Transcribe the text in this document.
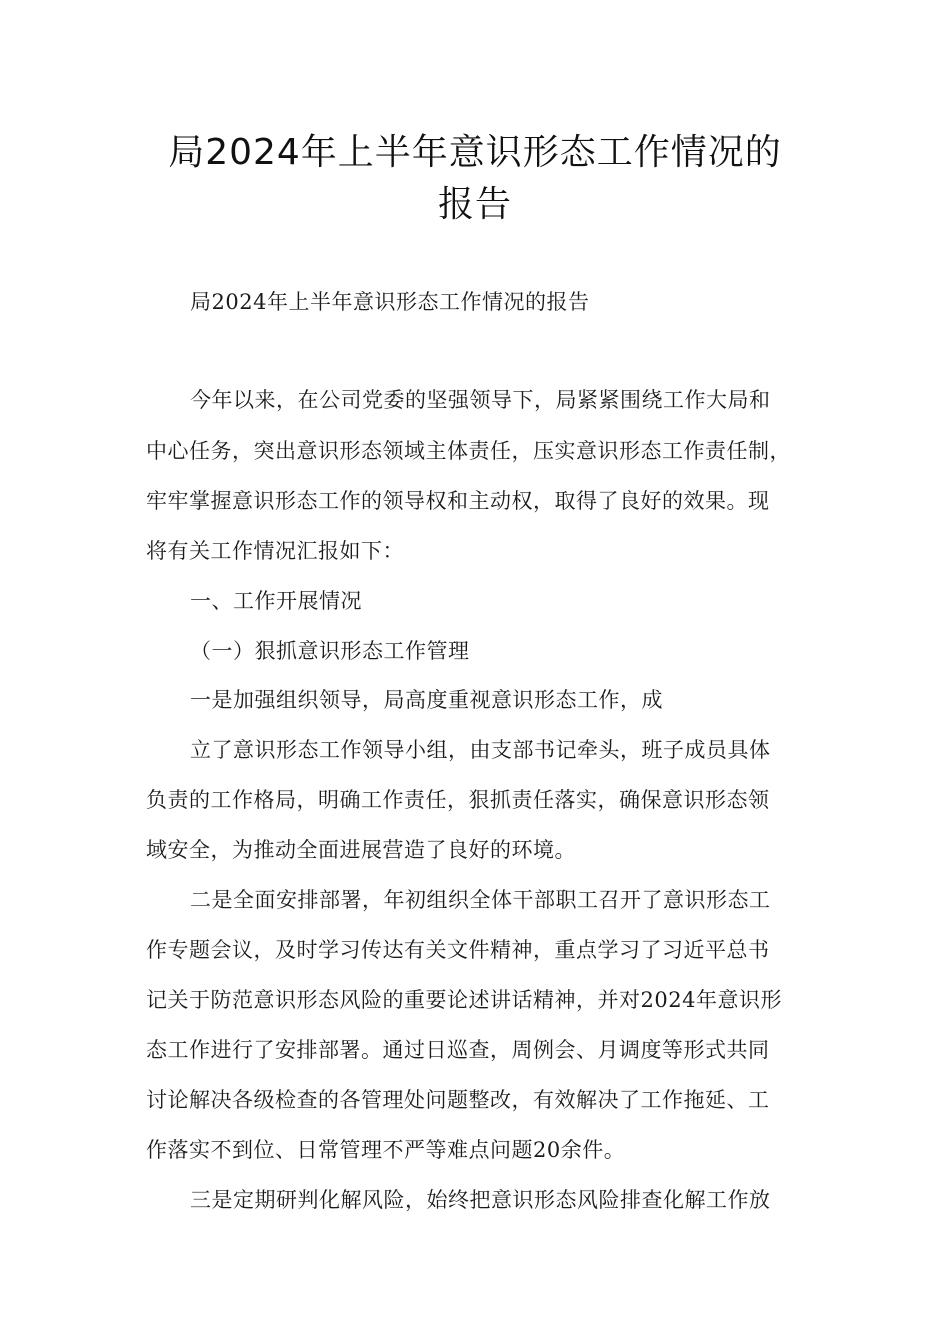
局2024年上半年意识形态工作情况的
报告
局2024年上半年意识形态工作情况的报告
今年以来，在公司党委的坚强领导下，局紧紧围绕工作大局和
中心任务，突出意识形态领域主体责任，压实意识形态工作责任制，
牢牢掌握意识形态工作的领导权和主动权，取得了良好的效果。现
将有关工作情况汇报如下：
一、工作开展情况
（一）狠抓意识形态工作管理
一是加强组织领导，局高度重视意识形态工作，成
立了意识形态工作领导小组，由支部书记牵头，班子成员具体
负责的工作格局，明确工作责任，狠抓责任落实，确保意识形态领
域安全，为推动全面进展营造了良好的环境。
二是全面安排部署，年初组织全体干部职工召开了意识形态工
作专题会议，及时学习传达有关文件精神，重点学习了习近平总书
记关于防范意识形态风险的重要论述讲话精神，并对2024年意识形
态工作进行了安排部署。通过日巡查，周例会、月调度等形式共同
讨论解决各级检查的各管理处问题整改，有效解决了工作拖延、工
作落实不到位、日常管理不严等难点问题20余件。
三是定期研判化解风险，始终把意识形态风险排查化解工作放
